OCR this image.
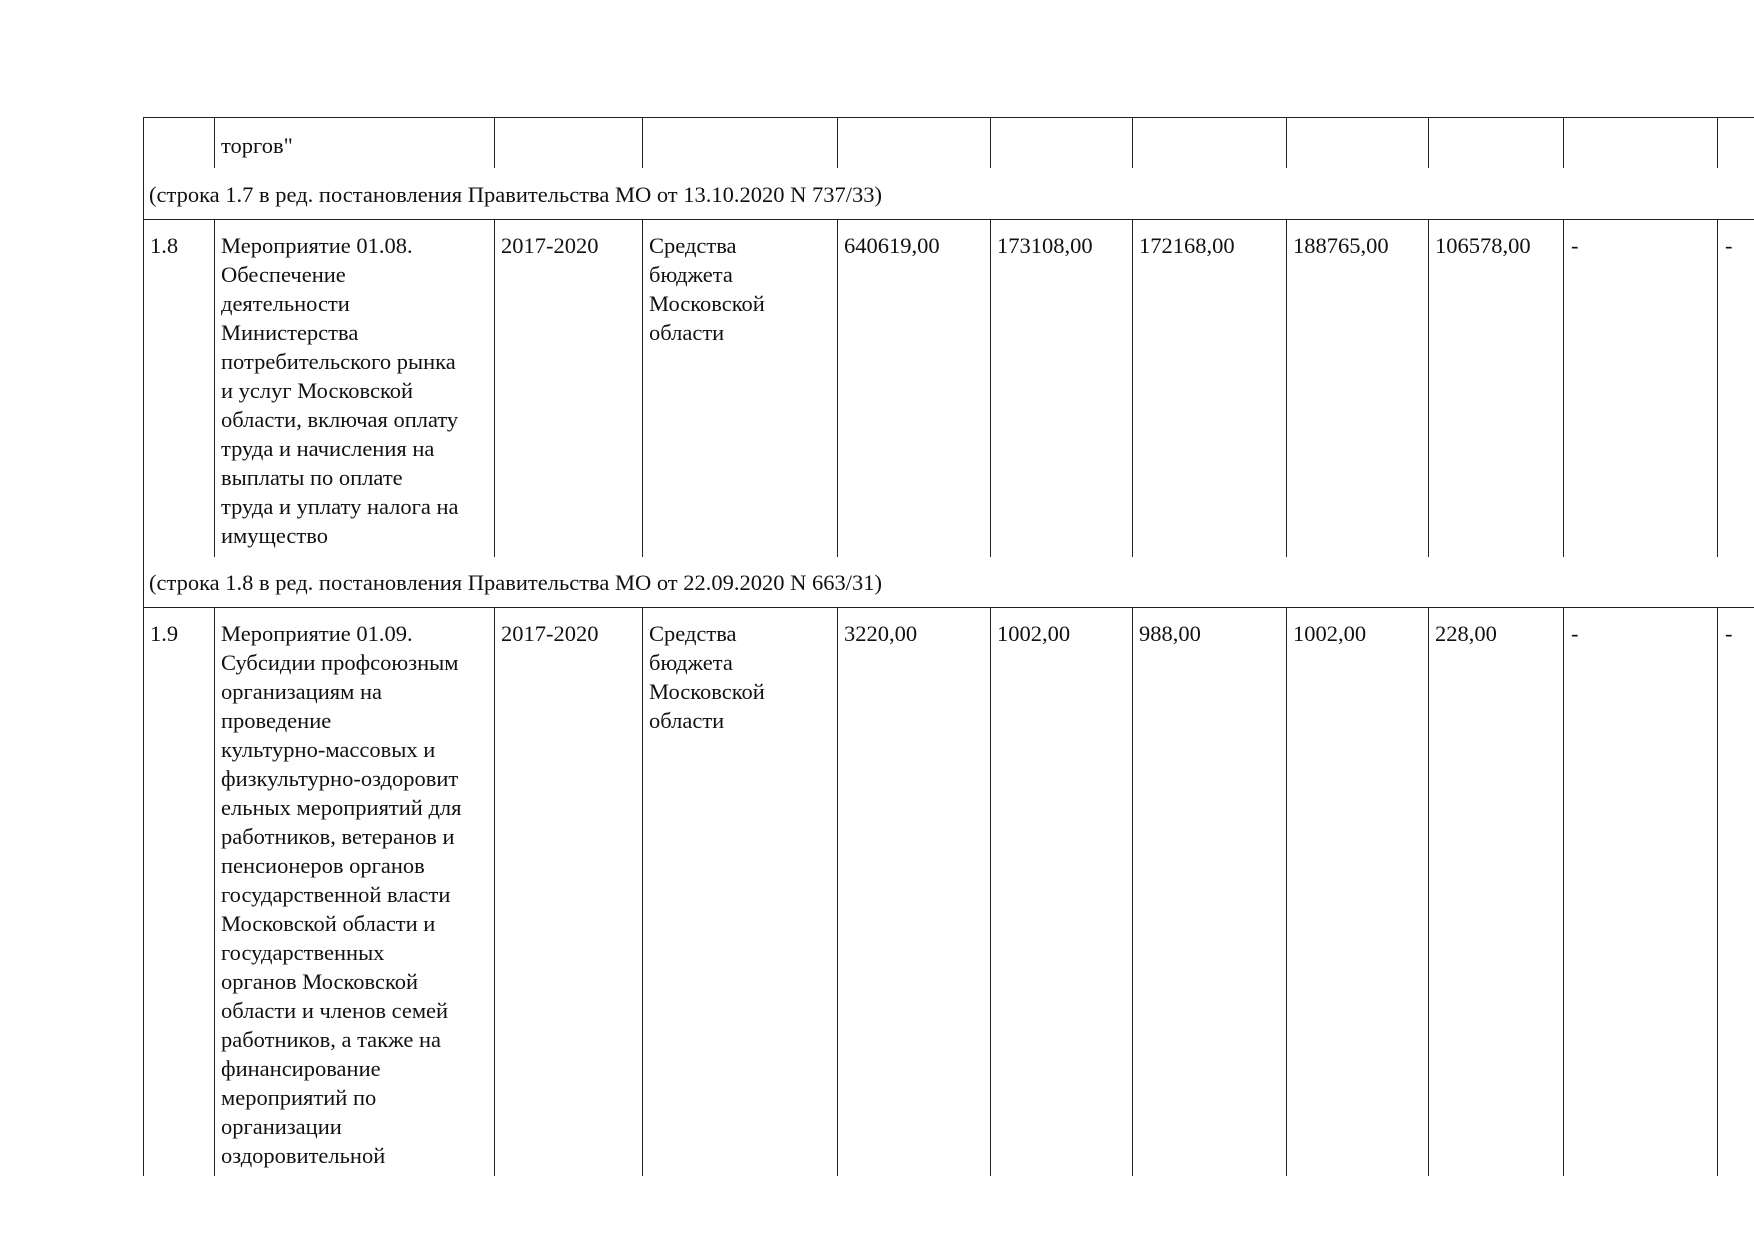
торгов"
(строка 1.7 в ред. постановления Правительства МО от 13.10.2020 N 737/33)
1.8	Мероприятие 01.08.
Обеспечение
деятельности
Министерства
потребительского рынка
и услуг Московской
области, включая оплату
труда и начисления на
выплаты по оплате
труда и уплату налога на
имущество
2017-2020	Средства
бюджета
Московской
области
640619,00	173108,00	172168,00	188765,00	106578,00	-	-
(строка 1.8 в ред. постановления Правительства МО от 22.09.2020 N 663/31)
1.9	Мероприятие 01.09.
Субсидии профсоюзным
организациям на
проведение
культурно-массовых и
физкультурно-оздоровит
ельных мероприятий для
работников, ветеранов и
пенсионеров органов
государственной власти
Московской области и
государственных
органов Московской
области и членов семей
работников, а также на
финансирование
мероприятий по
организации
оздоровительной
2017-2020	Средства
бюджета
Московской
области
3220,00	1002,00	988,00	1002,00	228,00	-	-
